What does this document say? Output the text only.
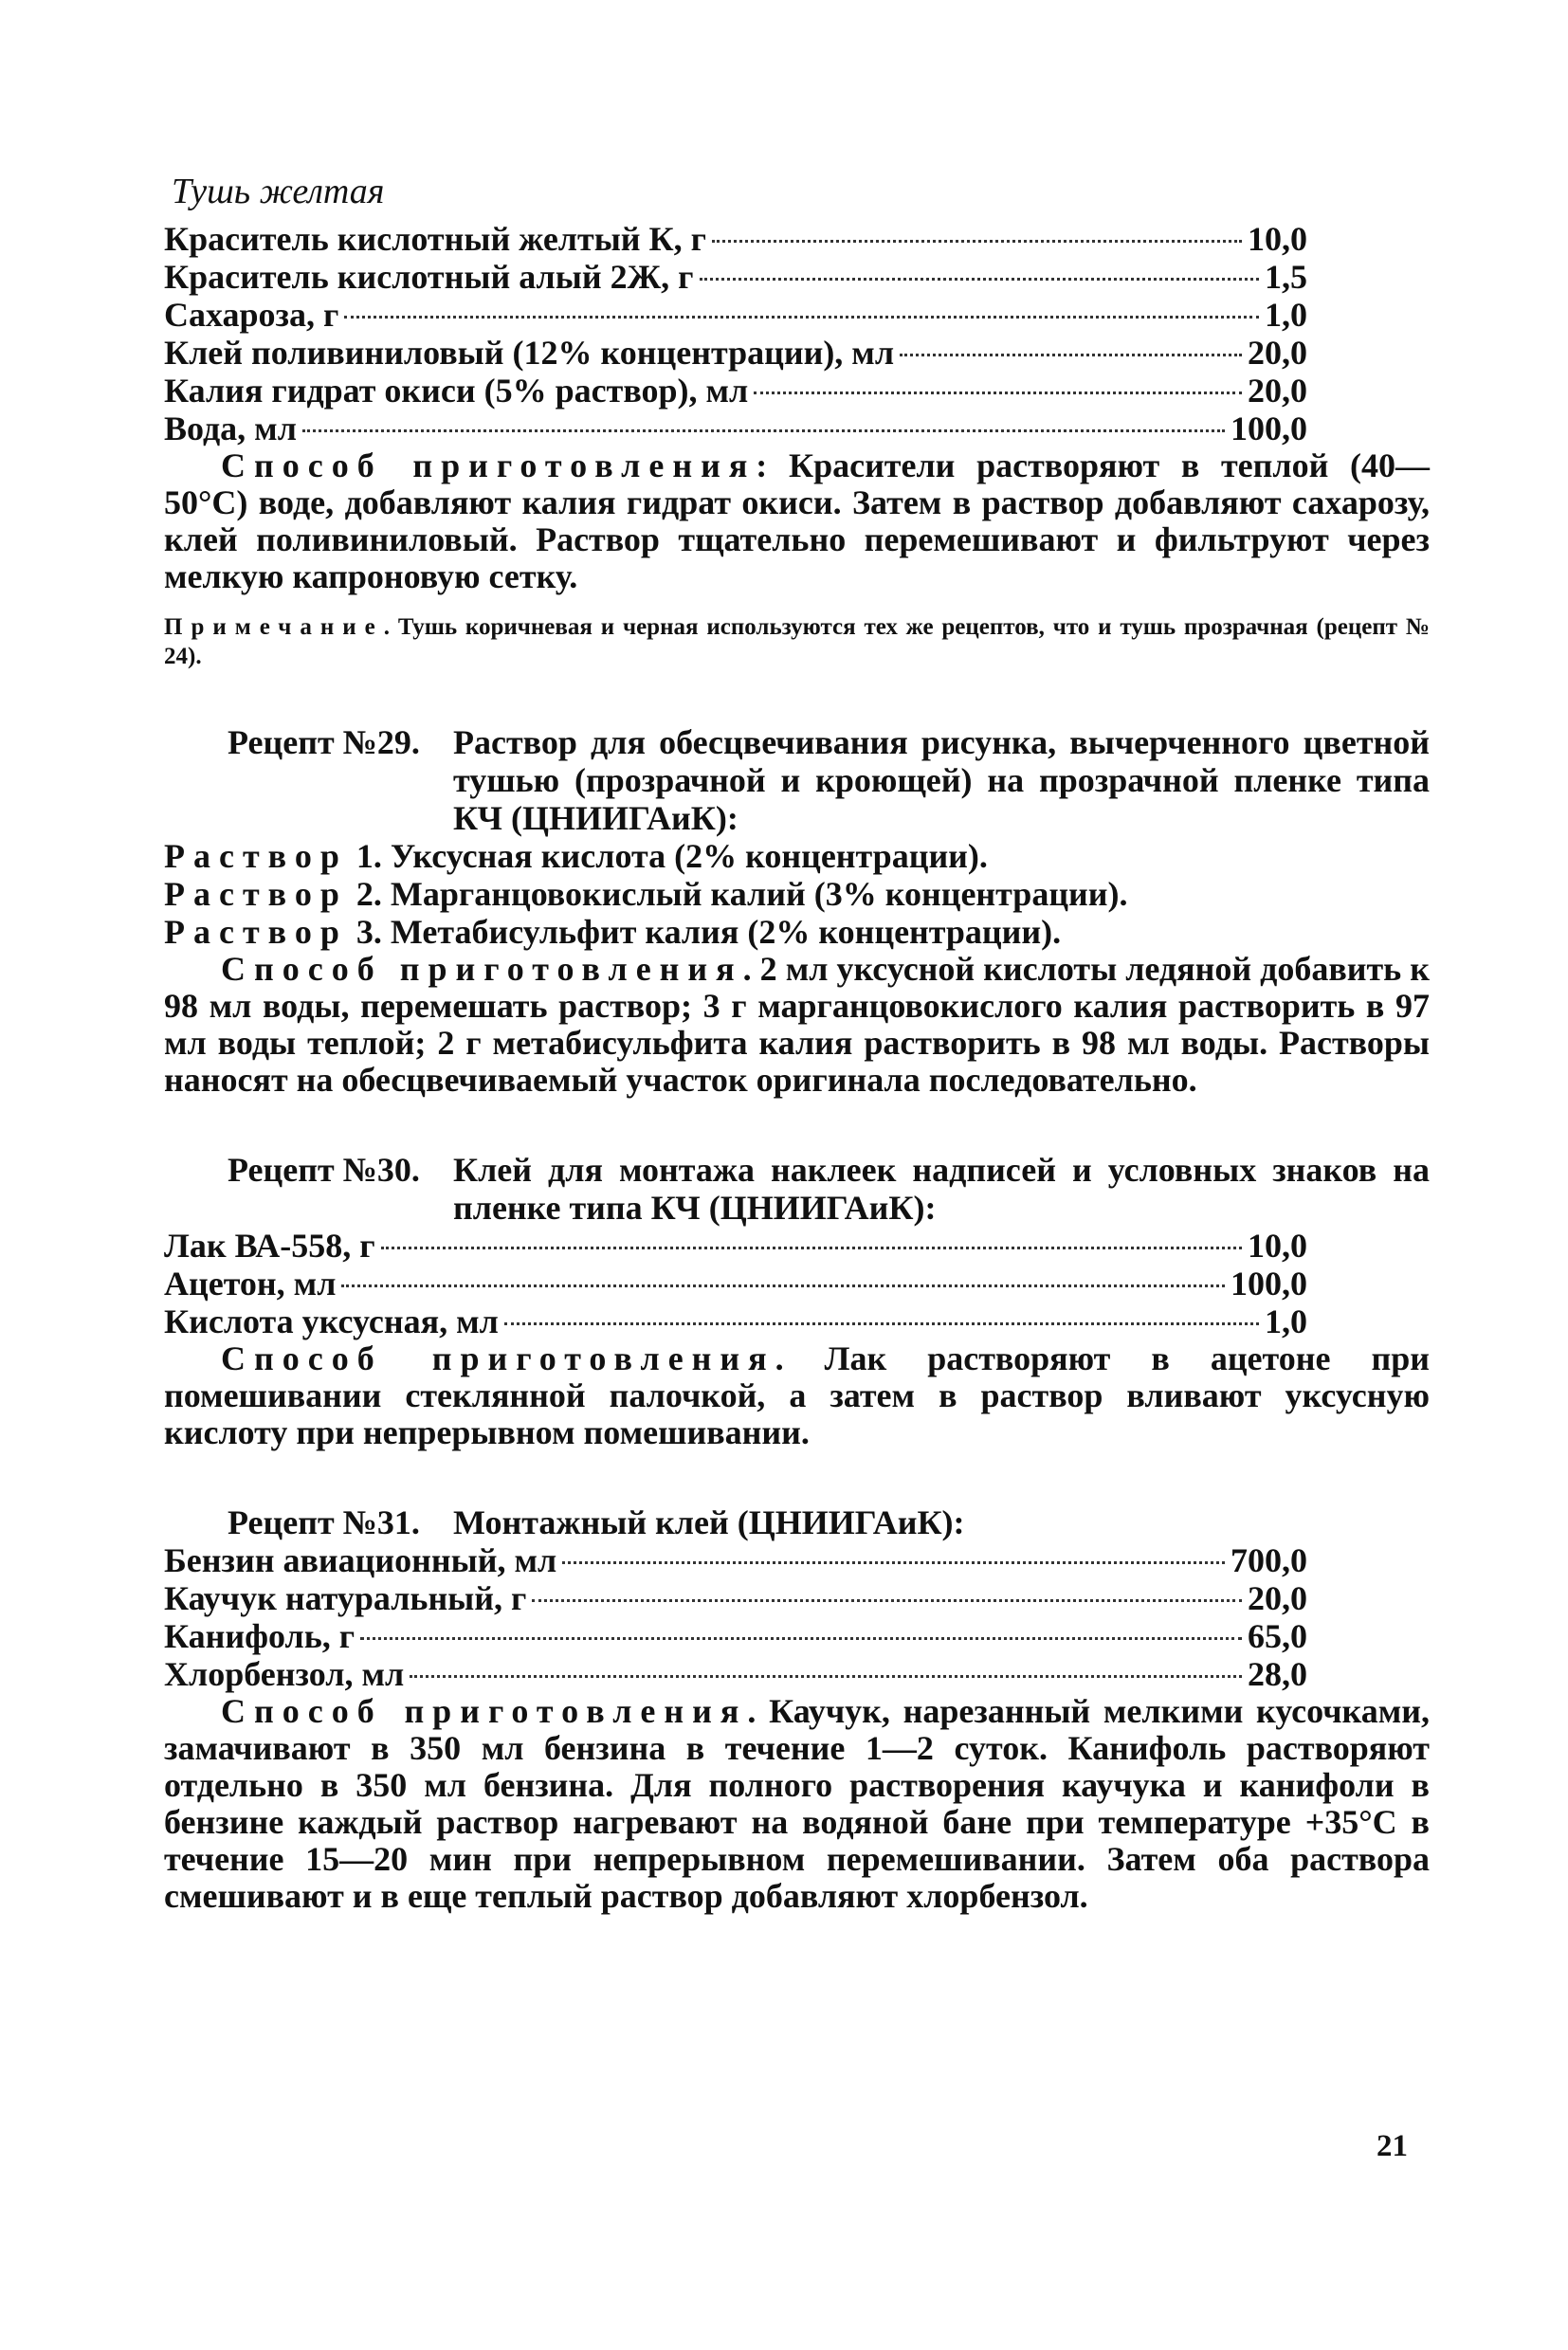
Тушь желтая
Краситель кислотный желтый К, г	10,0
Краситель кислотный алый 2Ж, г	1,5
Сахароза, г	1,0
Клей поливиниловый (12% концентрации), мл	20,0
Калия гидрат окиси (5% раствор), мл	20,0
Вода, мл	100,0

Способ приготовления: Красители растворяют в теплой (40—50°С) воде, добавляют калия гидрат окиси. Затем в раствор добавляют сахарозу, клей поливиниловый. Раствор тщательно перемешивают и фильтруют через мелкую капроновую сетку.

Примечание. Тушь коричневая и черная используются тех же рецептов, что и тушь прозрачная (рецепт № 24).

Рецепт №29. Раствор для обесцвечивания рисунка, вычерченного цветной тушью (прозрачной и кроющей) на прозрачной пленке типа КЧ (ЦНИИГАиК):
Раствор 1. Уксусная кислота (2% концентрации).
Раствор 2. Марганцовокислый калий (3% концентрации).
Раствор 3. Метабисульфит калия (2% концентрации).

Способ приготовления. 2 мл уксусной кислоты ледяной добавить к 98 мл воды, перемешать раствор; 3 г марганцовокислого калия растворить в 97 мл воды теплой; 2 г метабисульфита калия растворить в 98 мл воды. Растворы наносят на обесцвечиваемый участок оригинала последовательно.

Рецепт №30. Клей для монтажа наклеек надписей и условных знаков на пленке типа КЧ (ЦНИИГАиК):
Лак ВА-558, г	10,0
Ацетон, мл	100,0
Кислота уксусная, мл	1,0

Способ приготовления. Лак растворяют в ацетоне при помешивании стеклянной палочкой, а затем в раствор вливают уксусную кислоту при непрерывном помешивании.

Рецепт №31. Монтажный клей (ЦНИИГАиК):
Бензин авиационный, мл	700,0
Каучук натуральный, г	20,0
Канифоль, г	65,0
Хлорбензол, мл	28,0

Способ приготовления. Каучук, нарезанный мелкими кусочками, замачивают в 350 мл бензина в течение 1—2 суток. Канифоль растворяют отдельно в 350 мл бензина. Для полного растворения каучука и канифоли в бензине каждый раствор нагревают на водяной бане при температуре +35°С в течение 15—20 мин при непрерывном перемешивании. Затем оба раствора смешивают и в еще теплый раствор добавляют хлорбензол.

21
